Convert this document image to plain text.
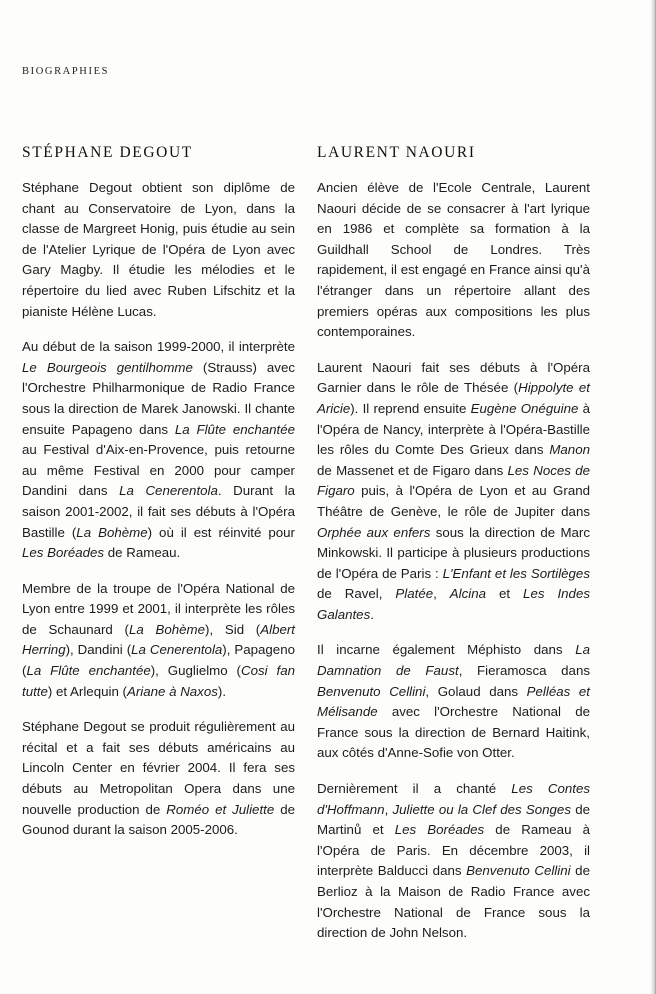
BIOGRAPHIES
STÉPHANE DEGOUT

Stéphane Degout obtient son diplôme de chant au Conservatoire de Lyon, dans la classe de Margreet Honig, puis étudie au sein de l'Atelier Lyrique de l'Opéra de Lyon avec Gary Magby. Il étudie les mélodies et le répertoire du lied avec Ruben Lifschitz et la pianiste Hélène Lucas.

Au début de la saison 1999-2000, il interprète Le Bourgeois gentilhomme (Strauss) avec l'Orchestre Philharmonique de Radio France sous la direction de Marek Janowski. Il chante ensuite Papageno dans La Flûte enchantée au Festival d'Aix-en-Provence, puis retourne au même Festival en 2000 pour camper Dandini dans La Cenerentola. Durant la saison 2001-2002, il fait ses débuts à l'Opéra Bastille (La Bohème) où il est réinvité pour Les Boréades de Rameau.

Membre de la troupe de l'Opéra National de Lyon entre 1999 et 2001, il interprète les rôles de Schaunard (La Bohème), Sid (Albert Herring), Dandini (La Cenerentola), Papageno (La Flûte enchantée), Guglielmo (Cosi fan tutte) et Arlequin (Ariane à Naxos).

Stéphane Degout se produit régulièrement au récital et a fait ses débuts américains au Lincoln Center en février 2004. Il fera ses débuts au Metropolitan Opera dans une nouvelle production de Roméo et Juliette de Gounod durant la saison 2005-2006.

LAURENT NAOURI

Ancien élève de l'Ecole Centrale, Laurent Naouri décide de se consacrer à l'art lyrique en 1986 et complète sa formation à la Guildhall School de Londres. Très rapidement, il est engagé en France ainsi qu'à l'étranger dans un répertoire allant des premiers opéras aux compositions les plus contemporaines.

Laurent Naouri fait ses débuts à l'Opéra Garnier dans le rôle de Thésée (Hippolyte et Aricie). Il reprend ensuite Eugène Onéguine à l'Opéra de Nancy, interprète à l'Opéra-Bastille les rôles du Comte Des Grieux dans Manon de Massenet et de Figaro dans Les Noces de Figaro puis, à l'Opéra de Lyon et au Grand Théâtre de Genève, le rôle de Jupiter dans Orphée aux enfers sous la direction de Marc Minkowski. Il participe à plusieurs productions de l'Opéra de Paris : L'Enfant et les Sortilèges de Ravel, Platée, Alcina et Les Indes Galantes.

Il incarne également Méphisto dans La Damnation de Faust, Fieramosca dans Benvenuto Cellini, Golaud dans Pelléas et Mélisande avec l'Orchestre National de France sous la direction de Bernard Haitink, aux côtés d'Anne-Sofie von Otter.

Dernièrement il a chanté Les Contes d'Hoffmann, Juliette ou la Clef des Songes de Martinů et Les Boréades de Rameau à l'Opéra de Paris. En décembre 2003, il interprète Balducci dans Benvenuto Cellini de Berlioz à la Maison de Radio France avec l'Orchestre National de France sous la direction de John Nelson.
